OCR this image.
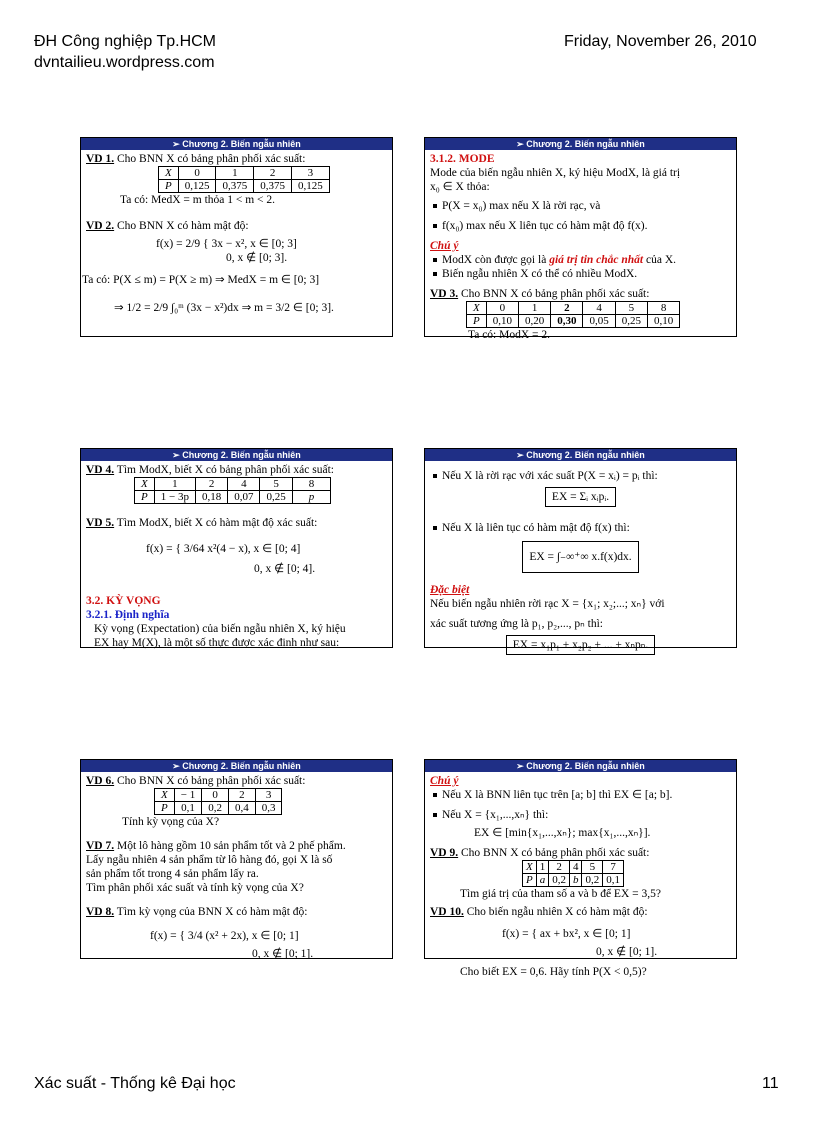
ĐH Công nghiệp Tp.HCM
dvntailieu.wordpress.com
Friday, November 26, 2010
➢ Chương 2. Biến ngẫu nhiên
VD 1. Cho BNN X có bảng phân phối xác suất:
X	0	1	2	3
P	0,125	0,375	0,375	0,125
Ta có: MedX = m thỏa 1 < m < 2.
VD 2. Cho BNN X có hàm mật độ:
f(x) = 2/9 { 3x − x², x ∈ [0; 3]
0, x ∉ [0; 3].
Ta có: P(X ≤ m) = P(X ≥ m) ⇒ MedX = m ∈ [0; 3]
⇒ 1/2 = 2/9 ∫₀ᵐ (3x − x²)dx ⇒ m = 3/2 ∈ [0; 3].
➢ Chương 2. Biến ngẫu nhiên
3.1.2. MODE
Mode của biến ngẫu nhiên X, ký hiệu ModX, là giá trị
x₀ ∈ X thỏa:
P(X = x₀) max nếu X là rời rạc, và
f(x₀) max nếu X liên tục có hàm mật độ f(x).
Chú ý
ModX còn được gọi là giá trị tin chắc nhất của X.
Biến ngẫu nhiên X có thể có nhiều ModX.
VD 3. Cho BNN X có bảng phân phối xác suất:
X	0	1	2	4	5	8
P	0,10	0,20	0,30	0,05	0,25	0,10
Ta có: ModX = 2.
➢ Chương 2. Biến ngẫu nhiên
VD 4. Tìm ModX, biết X có bảng phân phối xác suất:
X	1	2	4	5	8
P	1 − 3p	0,18	0,07	0,25	p
VD 5. Tìm ModX, biết X có hàm mật độ xác suất:
f(x) = { 3/64 x²(4 − x), x ∈ [0; 4]
0, x ∉ [0; 4].
3.2. KỲ VỌNG
3.2.1. Định nghĩa
Kỳ vọng (Expectation) của biến ngẫu nhiên X, ký hiệu
EX hay M(X), là một số thực được xác định như sau:
➢ Chương 2. Biến ngẫu nhiên
Nếu X là rời rạc với xác suất P(X = xᵢ) = pᵢ thì:
EX = Σᵢ xᵢpᵢ.
Nếu X là liên tục có hàm mật độ f(x) thì:
EX = ∫₋∞⁺∞ x.f(x)dx.
Đặc biệt
Nếu biến ngẫu nhiên rời rạc X = {x₁; x₂;...; xₙ} với
xác suất tương ứng là p₁, p₂,..., pₙ thì:
EX = x₁p₁ + x₂p₂ + ... + xₙpₙ.
➢ Chương 2. Biến ngẫu nhiên
VD 6. Cho BNN X có bảng phân phối xác suất:
X	− 1	0	2	3
P	0,1	0,2	0,4	0,3
Tính kỳ vọng của X?
VD 7. Một lô hàng gồm 10 sản phẩm tốt và 2 phế phẩm.
Lấy ngẫu nhiên 4 sản phẩm từ lô hàng đó, gọi X là số
sản phẩm tốt trong 4 sản phẩm lấy ra.
Tìm phân phối xác suất và tính kỳ vọng của X?
VD 8. Tìm kỳ vọng của BNN X có hàm mật độ:
f(x) = { 3/4 (x² + 2x), x ∈ [0; 1]
0, x ∉ [0; 1].
➢ Chương 2. Biến ngẫu nhiên
Chú ý
Nếu X là BNN liên tục trên [a; b] thì EX ∈ [a; b].
Nếu X = {x₁,...,xₙ} thì:
EX ∈ [min{x₁,...,xₙ}; max{x₁,...,xₙ}].
VD 9. Cho BNN X có bảng phân phối xác suất:
X	1	2	4	5	7
P	a	0,2	b	0,2	0,1
Tìm giá trị của tham số a và b để EX = 3,5?
VD 10. Cho biến ngẫu nhiên X có hàm mật độ:
f(x) = { ax + bx², x ∈ [0; 1]
0, x ∉ [0; 1].
Cho biết EX = 0,6. Hãy tính P(X < 0,5)?
Xác suất - Thống kê Đại học	11
